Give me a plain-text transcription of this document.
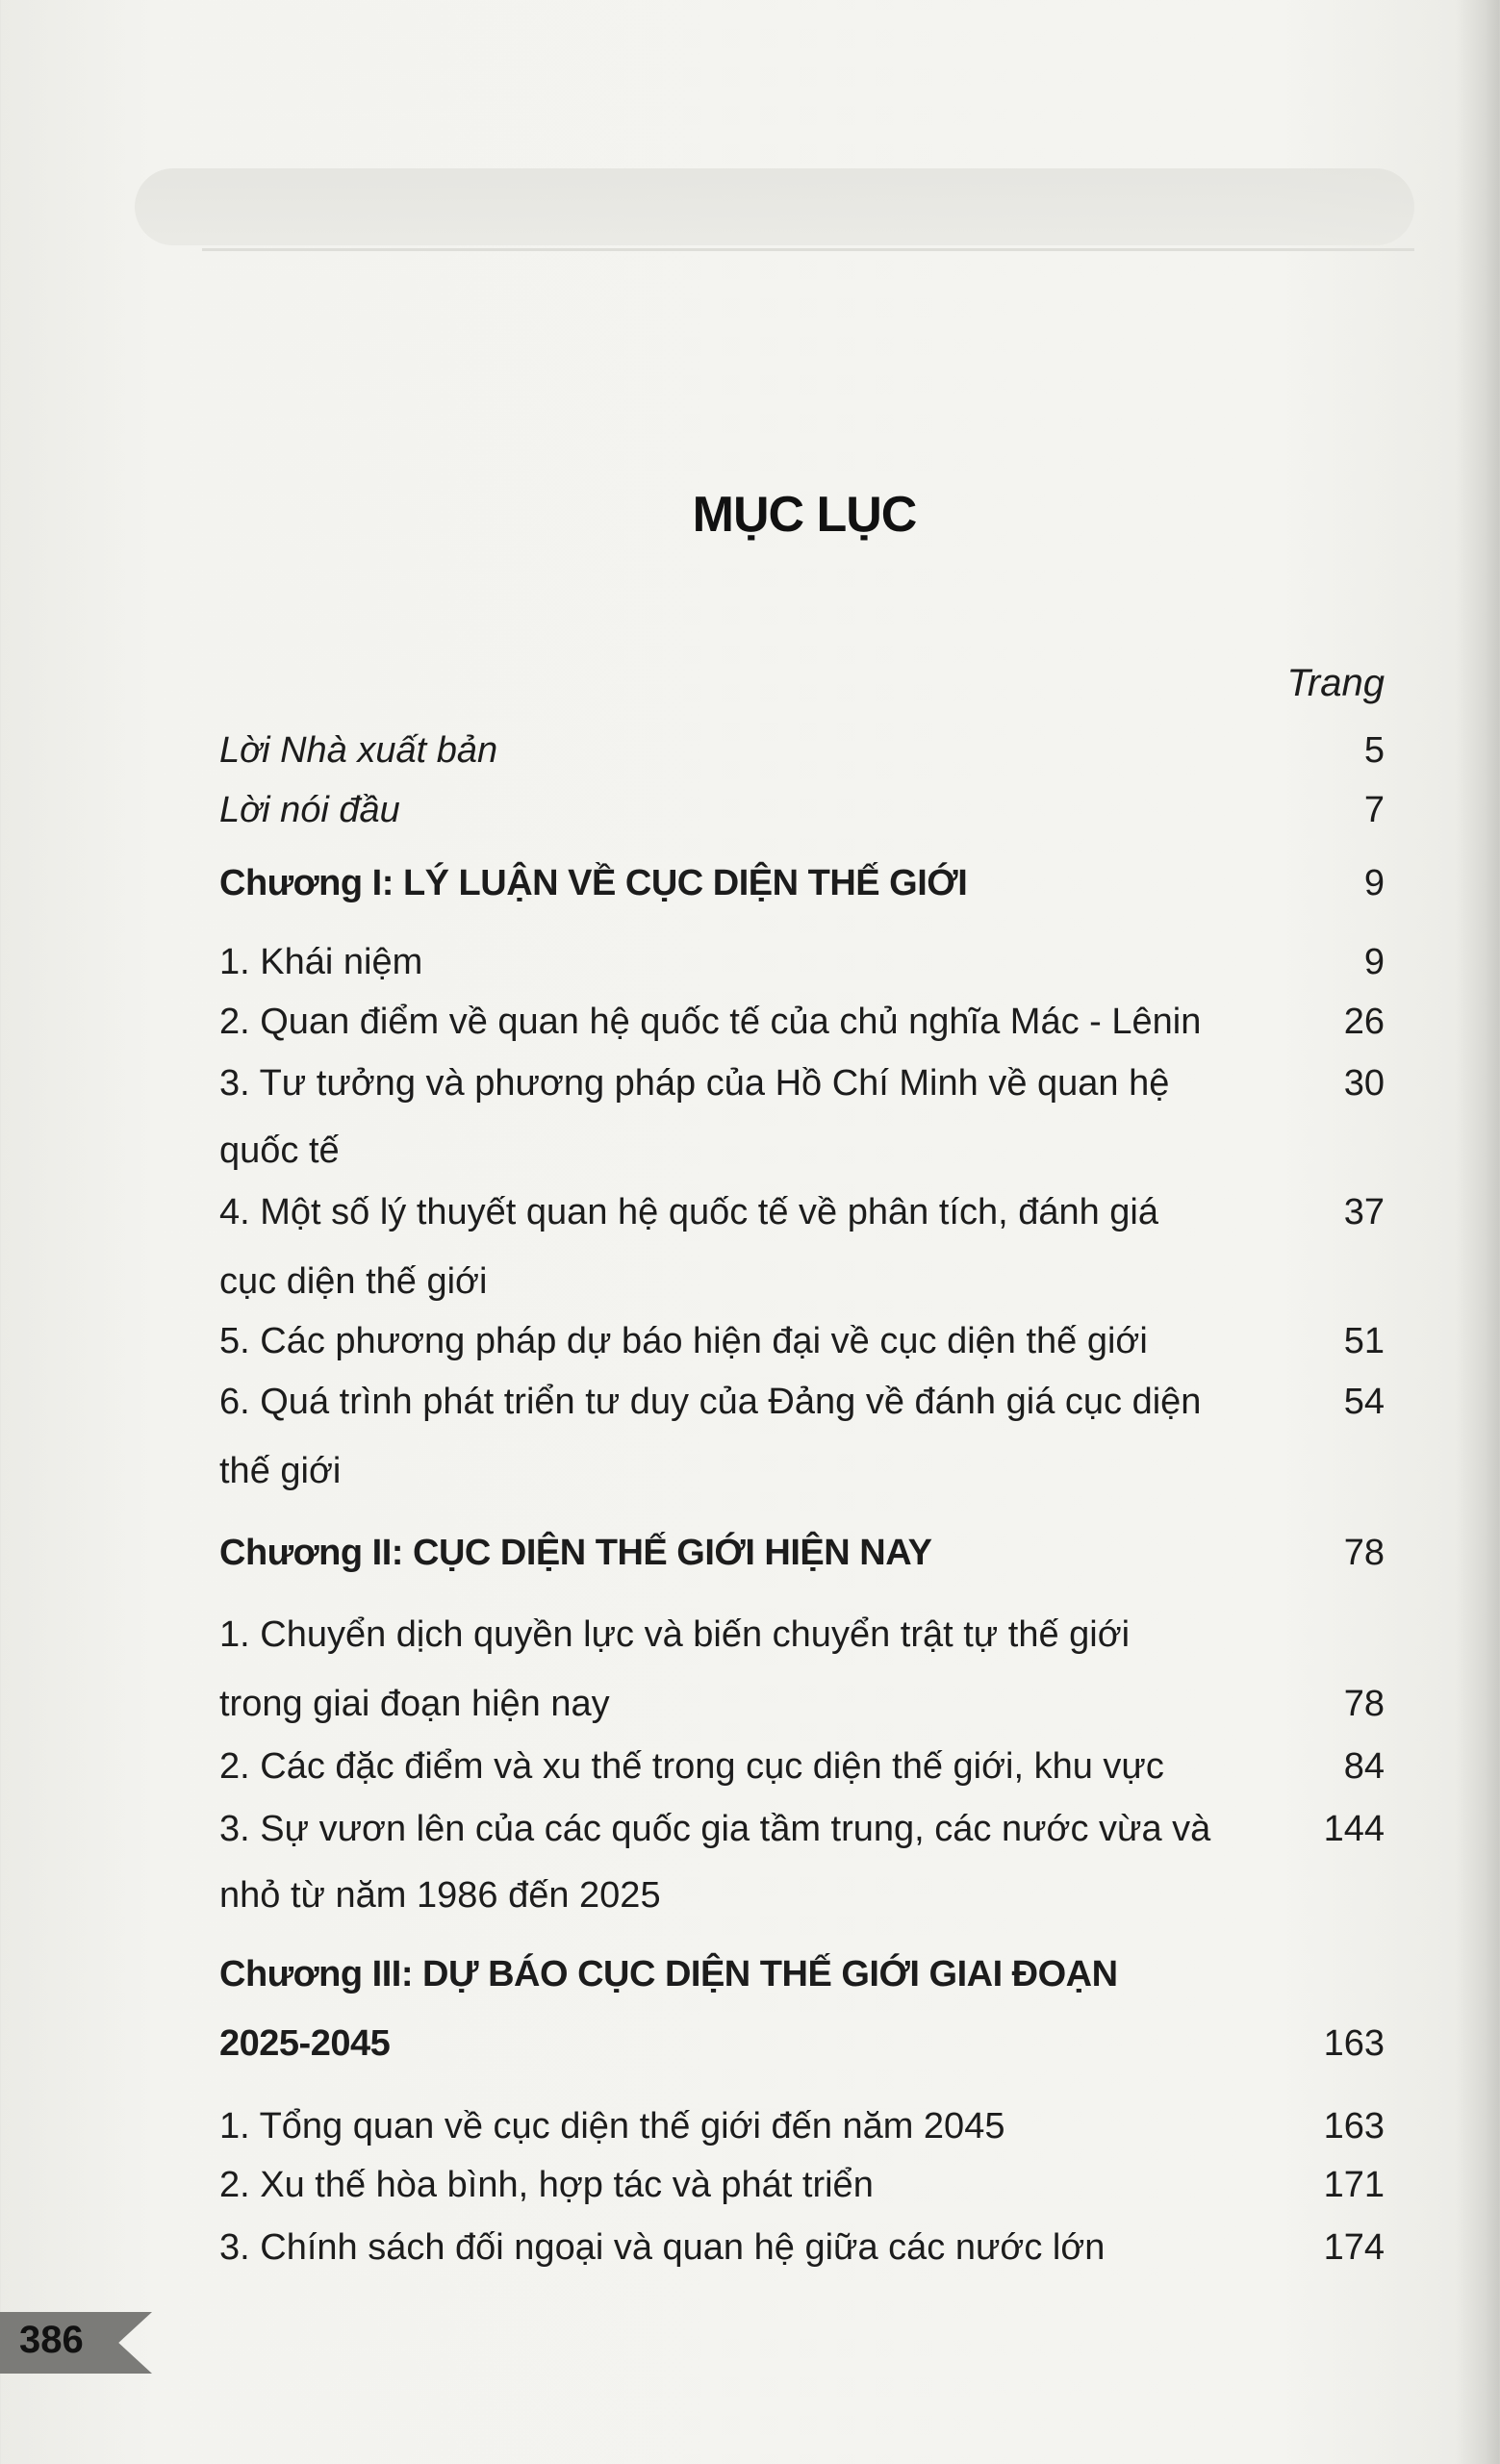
MỤC LỤC
Trang
Lời Nhà xuất bản	5
Lời nói đầu	7
Chương I: LÝ LUẬN VỀ CỤC DIỆN THẾ GIỚI	9
1. Khái niệm	9
2. Quan điểm về quan hệ quốc tế của chủ nghĩa Mác - Lênin	26
3. Tư tưởng và phương pháp của Hồ Chí Minh về quan hệ	30
quốc tế
4. Một số lý thuyết quan hệ quốc tế về phân tích, đánh giá	37
cục diện thế giới
5. Các phương pháp dự báo hiện đại về cục diện thế giới	51
6. Quá trình phát triển tư duy của Đảng về đánh giá cục diện	54
thế giới
Chương II: CỤC DIỆN THẾ GIỚI HIỆN NAY	78
1. Chuyển dịch quyền lực và biến chuyển trật tự thế giới
trong giai đoạn hiện nay	78
2. Các đặc điểm và xu thế trong cục diện thế giới, khu vực	84
3. Sự vươn lên của các quốc gia tầm trung, các nước vừa và	144
nhỏ từ năm 1986 đến 2025
Chương III: DỰ BÁO CỤC DIỆN THẾ GIỚI GIAI ĐOẠN
2025-2045	163
1. Tổng quan về cục diện thế giới đến năm 2045	163
2. Xu thế hòa bình, hợp tác và phát triển	171
3. Chính sách đối ngoại và quan hệ giữa các nước lớn	174
386
